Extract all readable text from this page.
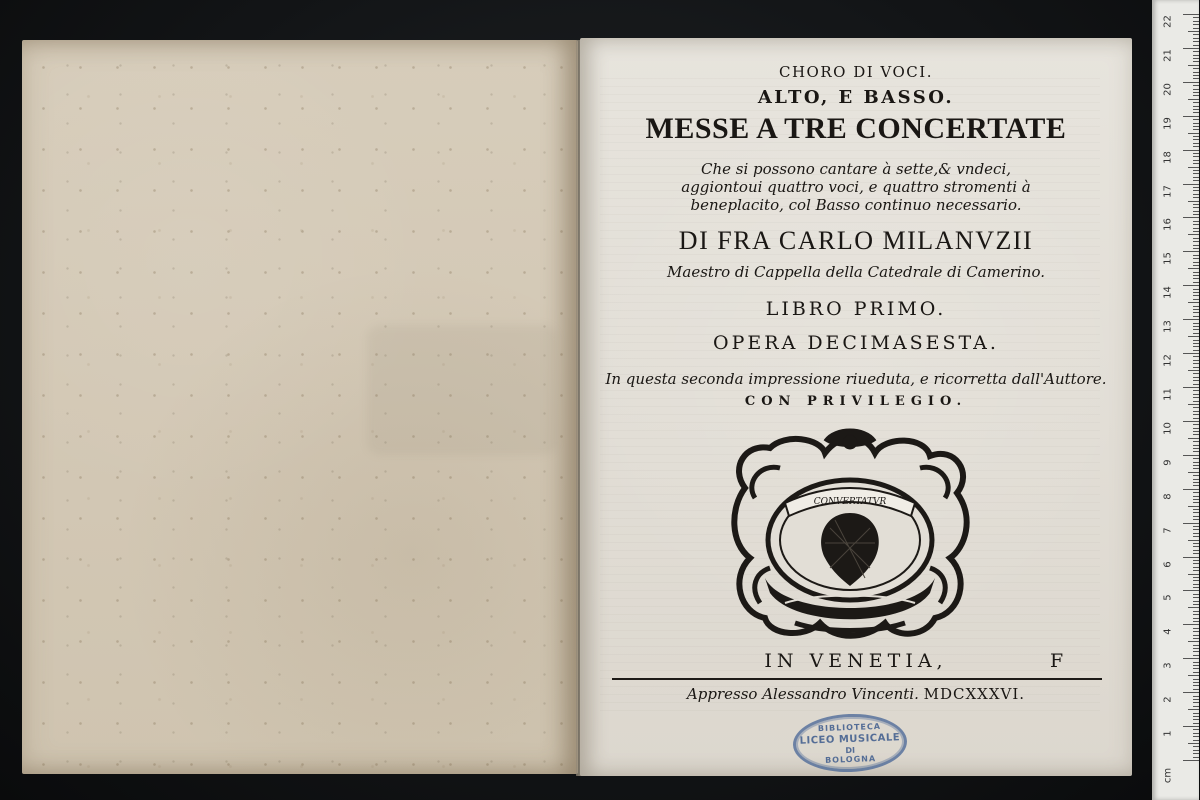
CHORO DI VOCI.
ALTO, E BASSO.
MESSE A TRE CONCERTATE
Che si possono cantare à sette,& vndeci, aggiontoui quattro voci, e quattro stromenti à beneplacito, col Basso continuo necessario.
DI FRA CARLO MILANVZII
Maestro di Cappella della Catedrale di Camerino.
LIBRO PRIMO.
OPERA DECIMASESTA.
In questa seconda impressione riueduta, e ricorretta dall'Auttore.
CON PRIVILEGIO.
CONVERTATVR
IN VENETIA,	F
Appresso Alessandro Vincenti. MDCXXXVI.
BIBLIOTECA
LICEO MUSICALE
DI
BOLOGNA
cm
22
21
20
19
18
17
16
15
14
13
12
11
10
9
8
7
6
5
4
3
2
1
